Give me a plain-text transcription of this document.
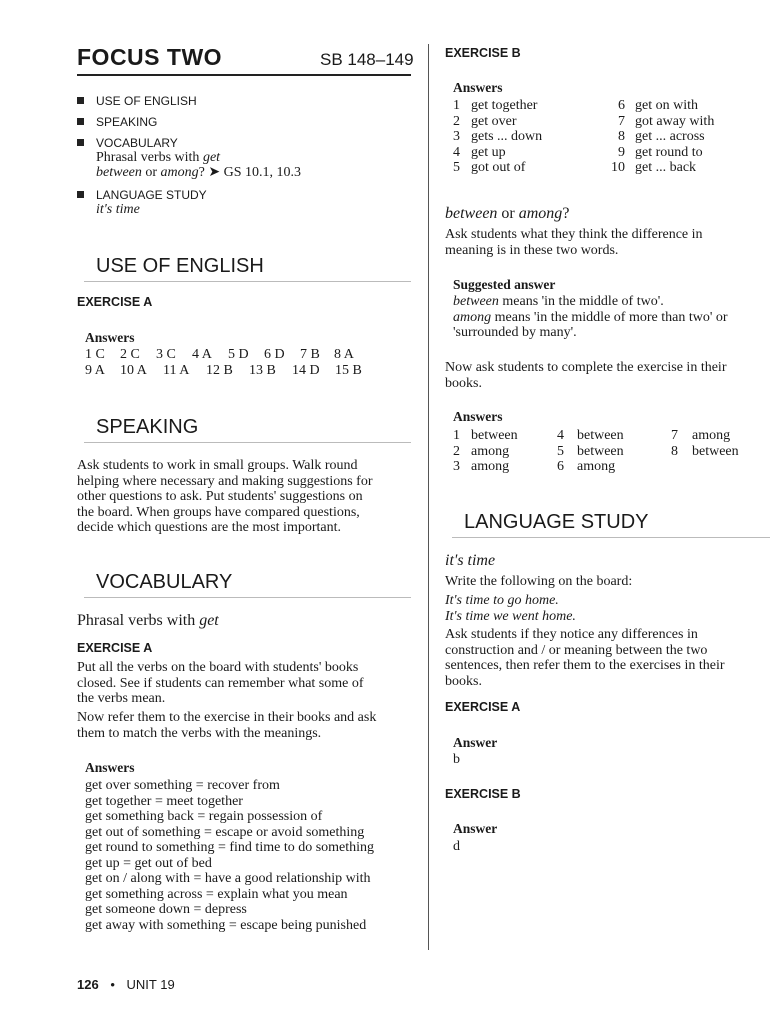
FOCUS TWO	SB 148–149
USE OF ENGLISH
SPEAKING
VOCABULARY
Phrasal verbs with get
between or among? ➤ GS 10.1, 10.3
LANGUAGE STUDY
it's time
USE OF ENGLISH
EXERCISE A
Answers
1 C 2 C 3 C 4 A 5 D 6 D 7 B 8 A
9 A 10 A 11 A 12 B 13 B 14 D 15 B
SPEAKING
Ask students to work in small groups. Walk round
helping where necessary and making suggestions for
other questions to ask. Put students' suggestions on
the board. When groups have compared questions,
decide which questions are the most important.
VOCABULARY
Phrasal verbs with get
EXERCISE A
Put all the verbs on the board with students' books
closed. See if students can remember what some of
the verbs mean.
Now refer them to the exercise in their books and ask
them to match the verbs with the meanings.
Answers
get over something = recover from
get together = meet together
get something back = regain possession of
get out of something = escape or avoid something
get round to something = find time to do something
get up = get out of bed
get on / along with = have a good relationship with
get something across = explain what you mean
get someone down = depress
get away with something = escape being punished
EXERCISE B
Answers
1 get together
2 get over
3 gets ... down
4 get up
5 got out of
6 get on with
7 got away with
8 get ... across
9 get round to
10 get ... back
between or among?
Ask students what they think the difference in
meaning is in these two words.
Suggested answer
between means 'in the middle of two'.
among means 'in the middle of more than two' or
'surrounded by many'.
Now ask students to complete the exercise in their
books.
Answers
1 between
2 among
3 among
4 between
5 between
6 among
7	among
8	between
LANGUAGE STUDY
it's time
Write the following on the board:
It's time to go home.
It's time we went home.
Ask students if they notice any differences in
construction and / or meaning between the two
sentences, then refer them to the exercises in their
books.
EXERCISE A
Answer
b
EXERCISE B
Answer
d
126 • UNIT 19
